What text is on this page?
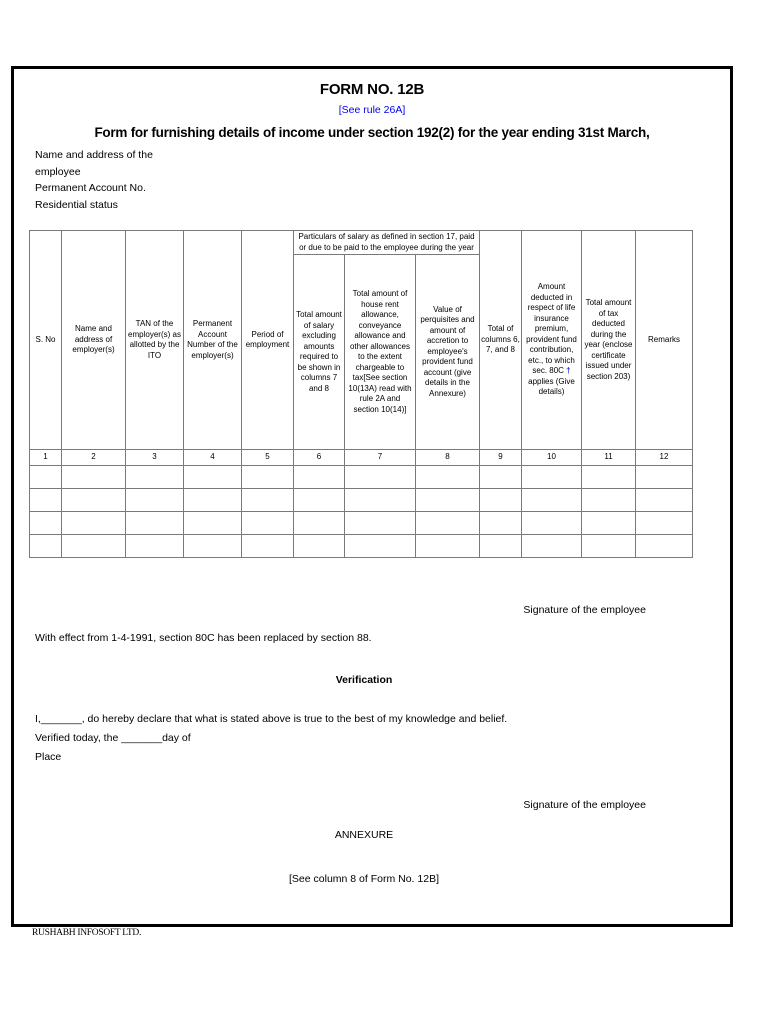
FORM NO. 12B
[See rule 26A]
Form for furnishing details of income under section 192(2) for the year ending 31st March,
Name and address of the
employee
Permanent Account No.
Residential status
S. No	Name and address of employer(s)	TAN of the employer(s) as allotted by the ITO	Permanent Account Number of the employer(s)	Period of employment	Particulars of salary as defined in section 17, paid or due to be paid to the employee during the year			Total of columns 6, 7, and 8	Amount deducted in respect of life insurance premium, provident fund contribution, etc., to which sec. 80C † applies (Give details)	Total amount of tax deducted during the year (enclose certificate issued under section 203)	Remarks
					Total amount of salary excluding amounts required to be shown in columns 7 and 8	Total amount of house rent allowance, conveyance allowance and other allowances to the extent chargeable to tax[See section 10(13A) read with rule 2A and section 10(14)]	Value of perquisites and amount of accretion to employee's provident fund account (give details in the Annexure)				
1	2	3	4	5	6	7	8	9	10	11	12

Signature of the employee
With effect from 1-4-1991, section 80C has been replaced by section 88.
Verification
I,_______, do hereby declare that what is stated above is true to the best of my knowledge and belief.
Verified today, the _______day of
Place
Signature of the employee
ANNEXURE
[See column 8 of Form No. 12B]
RUSHABH INFOSOFT LTD.
